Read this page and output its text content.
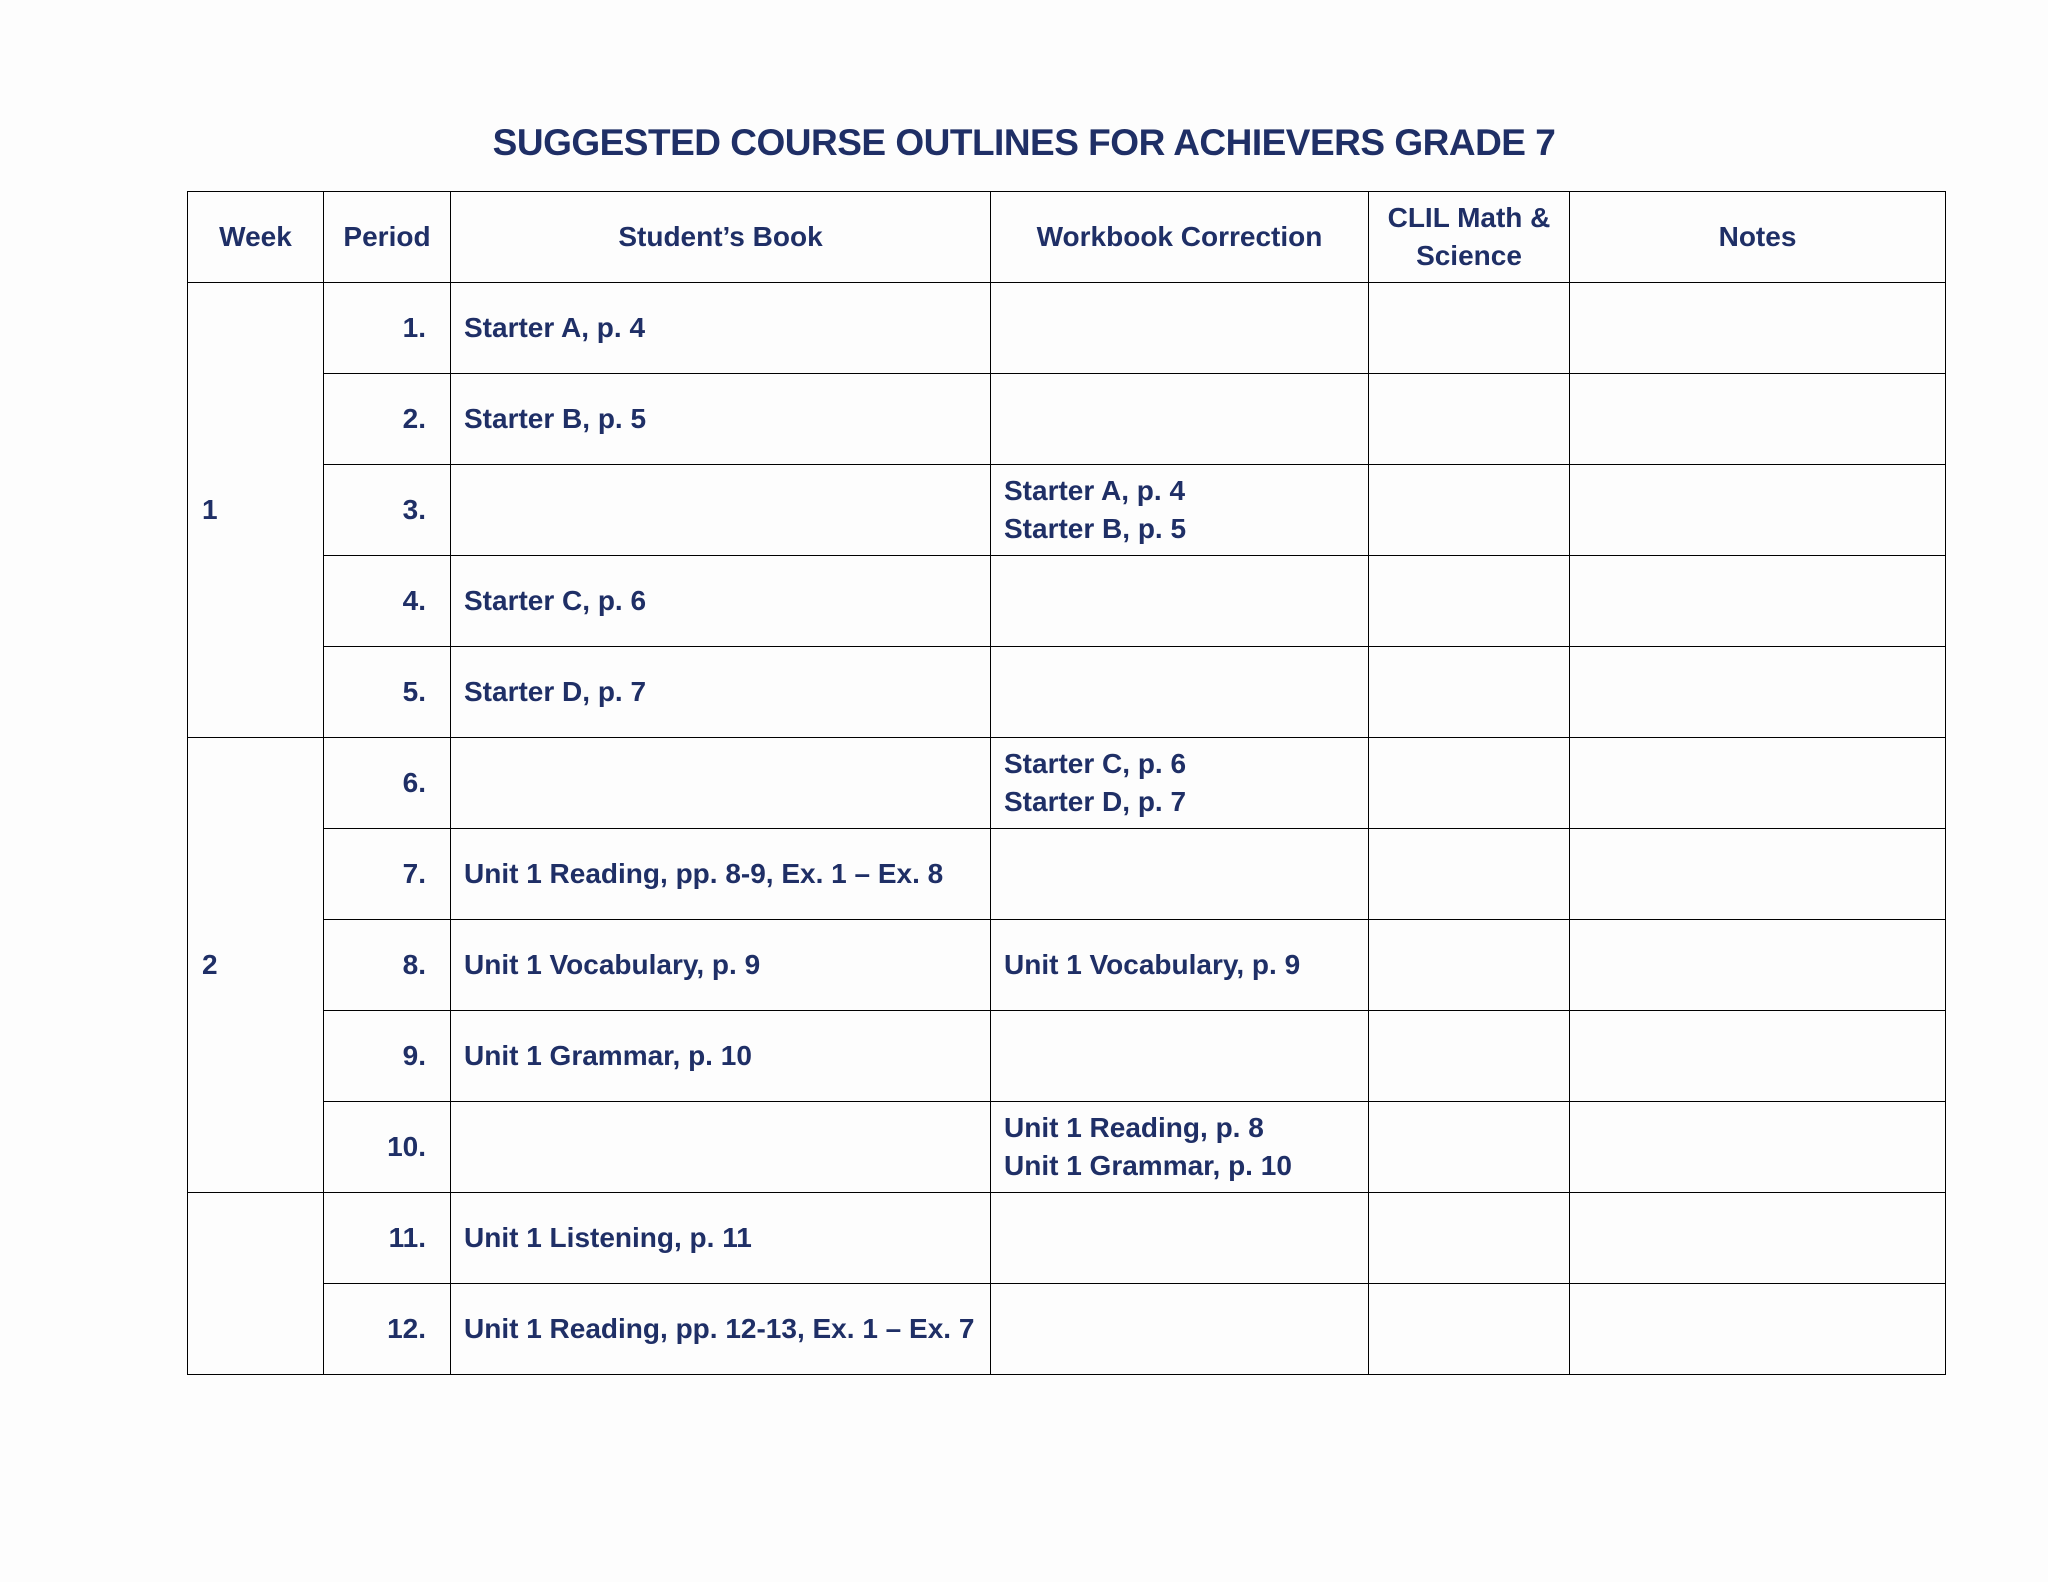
SUGGESTED COURSE OUTLINES FOR ACHIEVERS GRADE 7
Week	Period	Student’s Book	Workbook Correction	CLIL Math & Science	Notes
1	1.	Starter A, p. 4			
	2.	Starter B, p. 5			
	3.		Starter A, p. 4
Starter B, p. 5		

	4.	Starter C, p. 6			
	5.	Starter D, p. 7			
2	6.		Starter C, p. 6
Starter D, p. 7		

	7.	Unit 1 Reading, pp. 8-9, Ex. 1 – Ex. 8			
	8.	Unit 1 Vocabulary, p. 9	Unit 1 Vocabulary, p. 9		

	9.	Unit 1 Grammar, p. 10			
	10.		Unit 1 Reading, p. 8
Unit 1 Grammar, p. 10		

	11.	Unit 1 Listening, p. 11			
	12.	Unit 1 Reading, pp. 12-13, Ex. 1 – Ex. 7			
